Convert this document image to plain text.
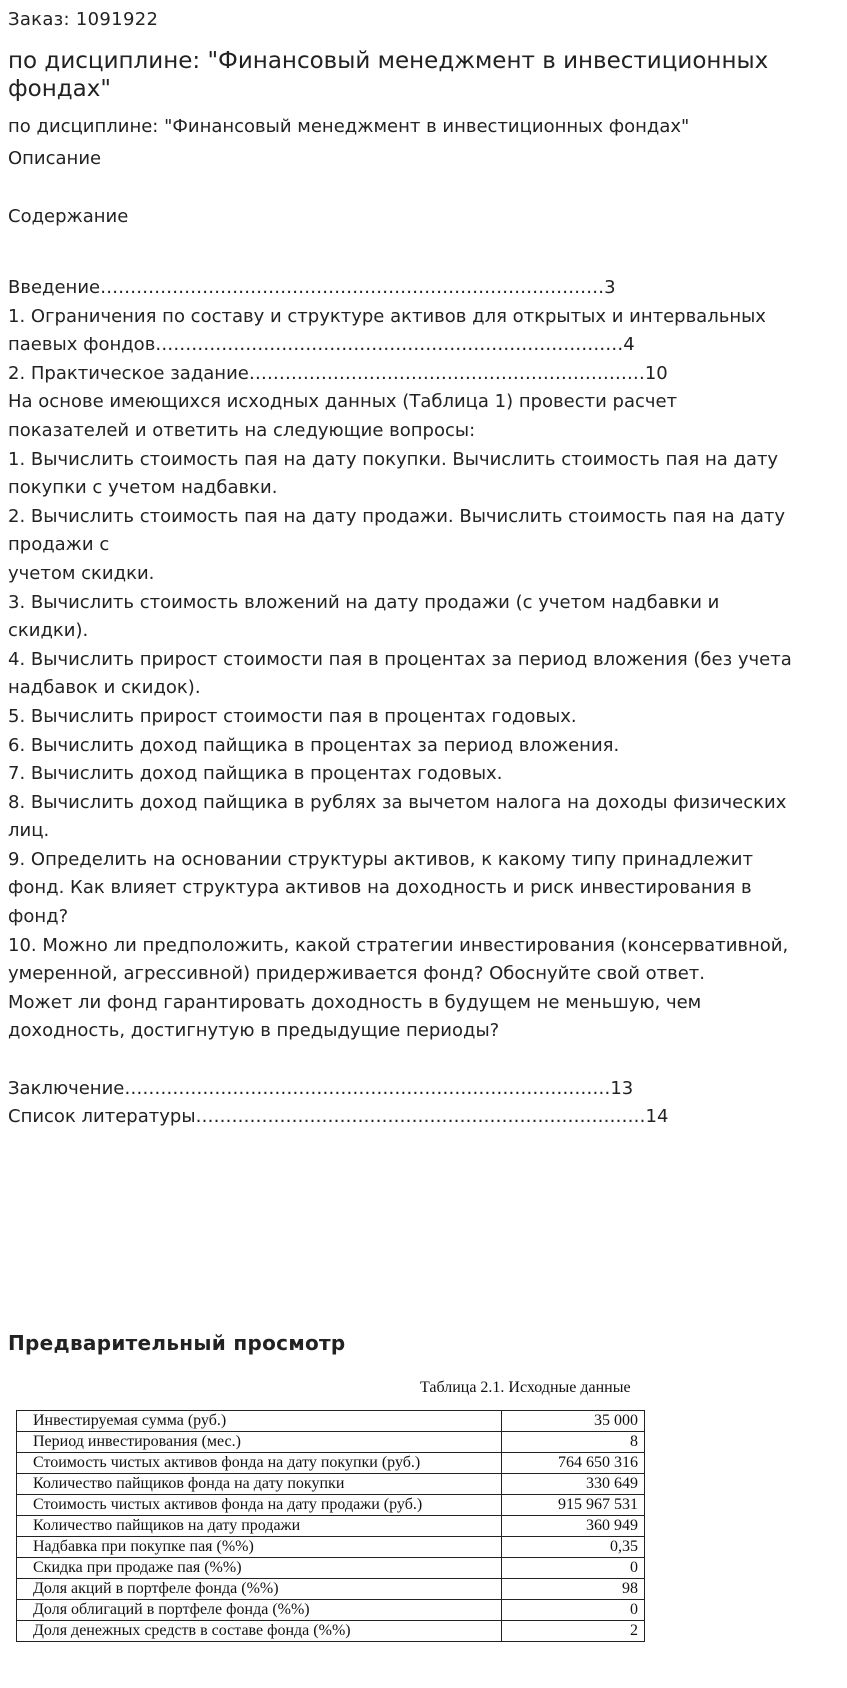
Заказ: 1091922
по дисциплине: "Финансовый менеджмент в инвестиционных фондах"
по дисциплине: "Финансовый менеджмент в инвестиционных фондах"
Описание
Содержание
Введение…………………………………………………………………………3
1. Ограничения по составу и структуре активов для открытых и интервальных
паевых фондов……………………………………………………………………4
2. Практическое задание…………………………………………………………10
На основе имеющихся исходных данных (Таблица 1) провести расчет
показателей и ответить на следующие вопросы:
1. Вычислить стоимость пая на дату покупки. Вычислить стоимость пая на дату
покупки с учетом надбавки.
2. Вычислить стоимость пая на дату продажи. Вычислить стоимость пая на дату
продажи с
учетом скидки.
3. Вычислить стоимость вложений на дату продажи (с учетом надбавки и
скидки).
4. Вычислить прирост стоимости пая в процентах за период вложения (без учета
надбавок и скидок).
5. Вычислить прирост стоимости пая в процентах годовых.
6. Вычислить доход пайщика в процентах за период вложения.
7. Вычислить доход пайщика в процентах годовых.
8. Вычислить доход пайщика в рублях за вычетом налога на доходы физических
лиц.
9. Определить на основании структуры активов, к какому типу принадлежит
фонд. Как влияет структура активов на доходность и риск инвестирования в
фонд?
10. Можно ли предположить, какой стратегии инвестирования (консервативной,
умеренной, агрессивной) придерживается фонд? Обоснуйте свой ответ.
Может ли фонд гарантировать доходность в будущем не меньшую, чем
доходность, достигнутую в предыдущие периоды?
Заключение………………………………………………………………………13
Список литературы…………………………………………………………………14
Предварительный просмотр
Таблица 2.1. Исходные данные
Инвестируемая сумма (руб.)	35 000
Период инвестирования (мес.)	8
Стоимость чистых активов фонда на дату покупки (руб.)	764 650 316
Количество пайщиков фонда на дату покупки	330 649
Стоимость чистых активов фонда на дату продажи (руб.)	915 967 531
Количество пайщиков на дату продажи	360 949
Надбавка при покупке пая (%%)	0,35
Скидка при продаже пая (%%)	0
Доля акций в портфеле фонда (%%)	98
Доля облигаций в портфеле фонда (%%)	0
Доля денежных средств в составе фонда (%%)	2
